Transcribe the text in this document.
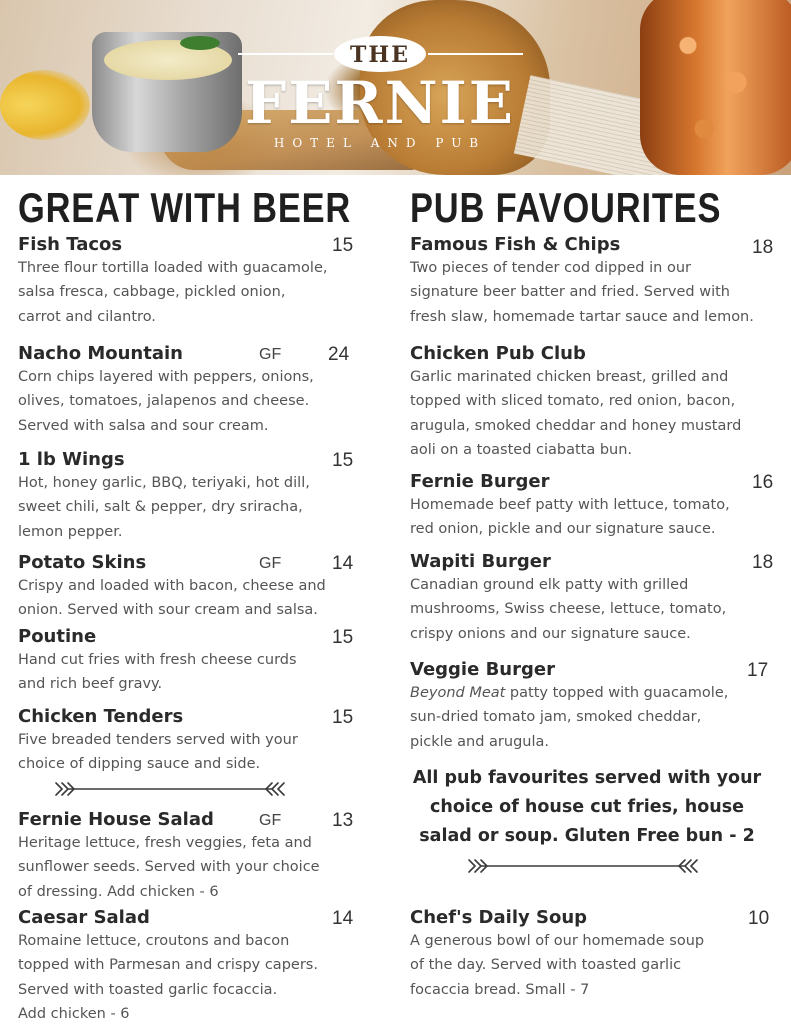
THE
FERNIE
HOTEL AND PUB
GREAT WITH BEER
Fish Tacos	15

Three flour tortilla loaded with guacamole,
salsa fresca, cabbage, pickled onion,
carrot and cilantro.

Nacho Mountain	GF 24

Corn chips layered with peppers, onions,
olives, tomatoes, jalapenos and cheese.
Served with salsa and sour cream.

1 lb Wings	15

Hot, honey garlic, BBQ, teriyaki, hot dill,
sweet chili, salt & pepper, dry sriracha,
lemon pepper.

Potato Skins	GF	14

Crispy and loaded with bacon, cheese and
onion. Served with sour cream and salsa.

Poutine	15

Hand cut fries with fresh cheese curds
and rich beef gravy.

Chicken Tenders	15

Five breaded tenders served with your
choice of dipping sauce and side.

Fernie House Salad	GF	13

Heritage lettuce, fresh veggies, feta and
sunflower seeds. Served with your choice
of dressing. Add chicken - 6

Caesar Salad	14

Romaine lettuce, croutons and bacon
topped with Parmesan and crispy capers.
Served with toasted garlic focaccia.
Add chicken - 6

PUB FAVOURITES
Famous Fish & Chips	18

Two pieces of tender cod dipped in our
signature beer batter and fried. Served with
fresh slaw, homemade tartar sauce and lemon.

Chicken Pub Club

Garlic marinated chicken breast, grilled and
topped with sliced tomato, red onion, bacon,
arugula, smoked cheddar and honey mustard
aoli on a toasted ciabatta bun.

Fernie Burger	16

Homemade beef patty with lettuce, tomato,
red onion, pickle and our signature sauce.

Wapiti Burger	18

Canadian ground elk patty with grilled
mushrooms, Swiss cheese, lettuce, tomato,
crispy onions and our signature sauce.

Veggie Burger	17

Beyond Meat patty topped with guacamole,
sun-dried tomato jam, smoked cheddar,
pickle and arugula.

All pub favourites served with your
choice of house cut fries, house
salad or soup. Gluten Free bun - 2

Chef's Daily Soup	10

A generous bowl of our homemade soup
of the day. Served with toasted garlic
focaccia bread. Small - 7
